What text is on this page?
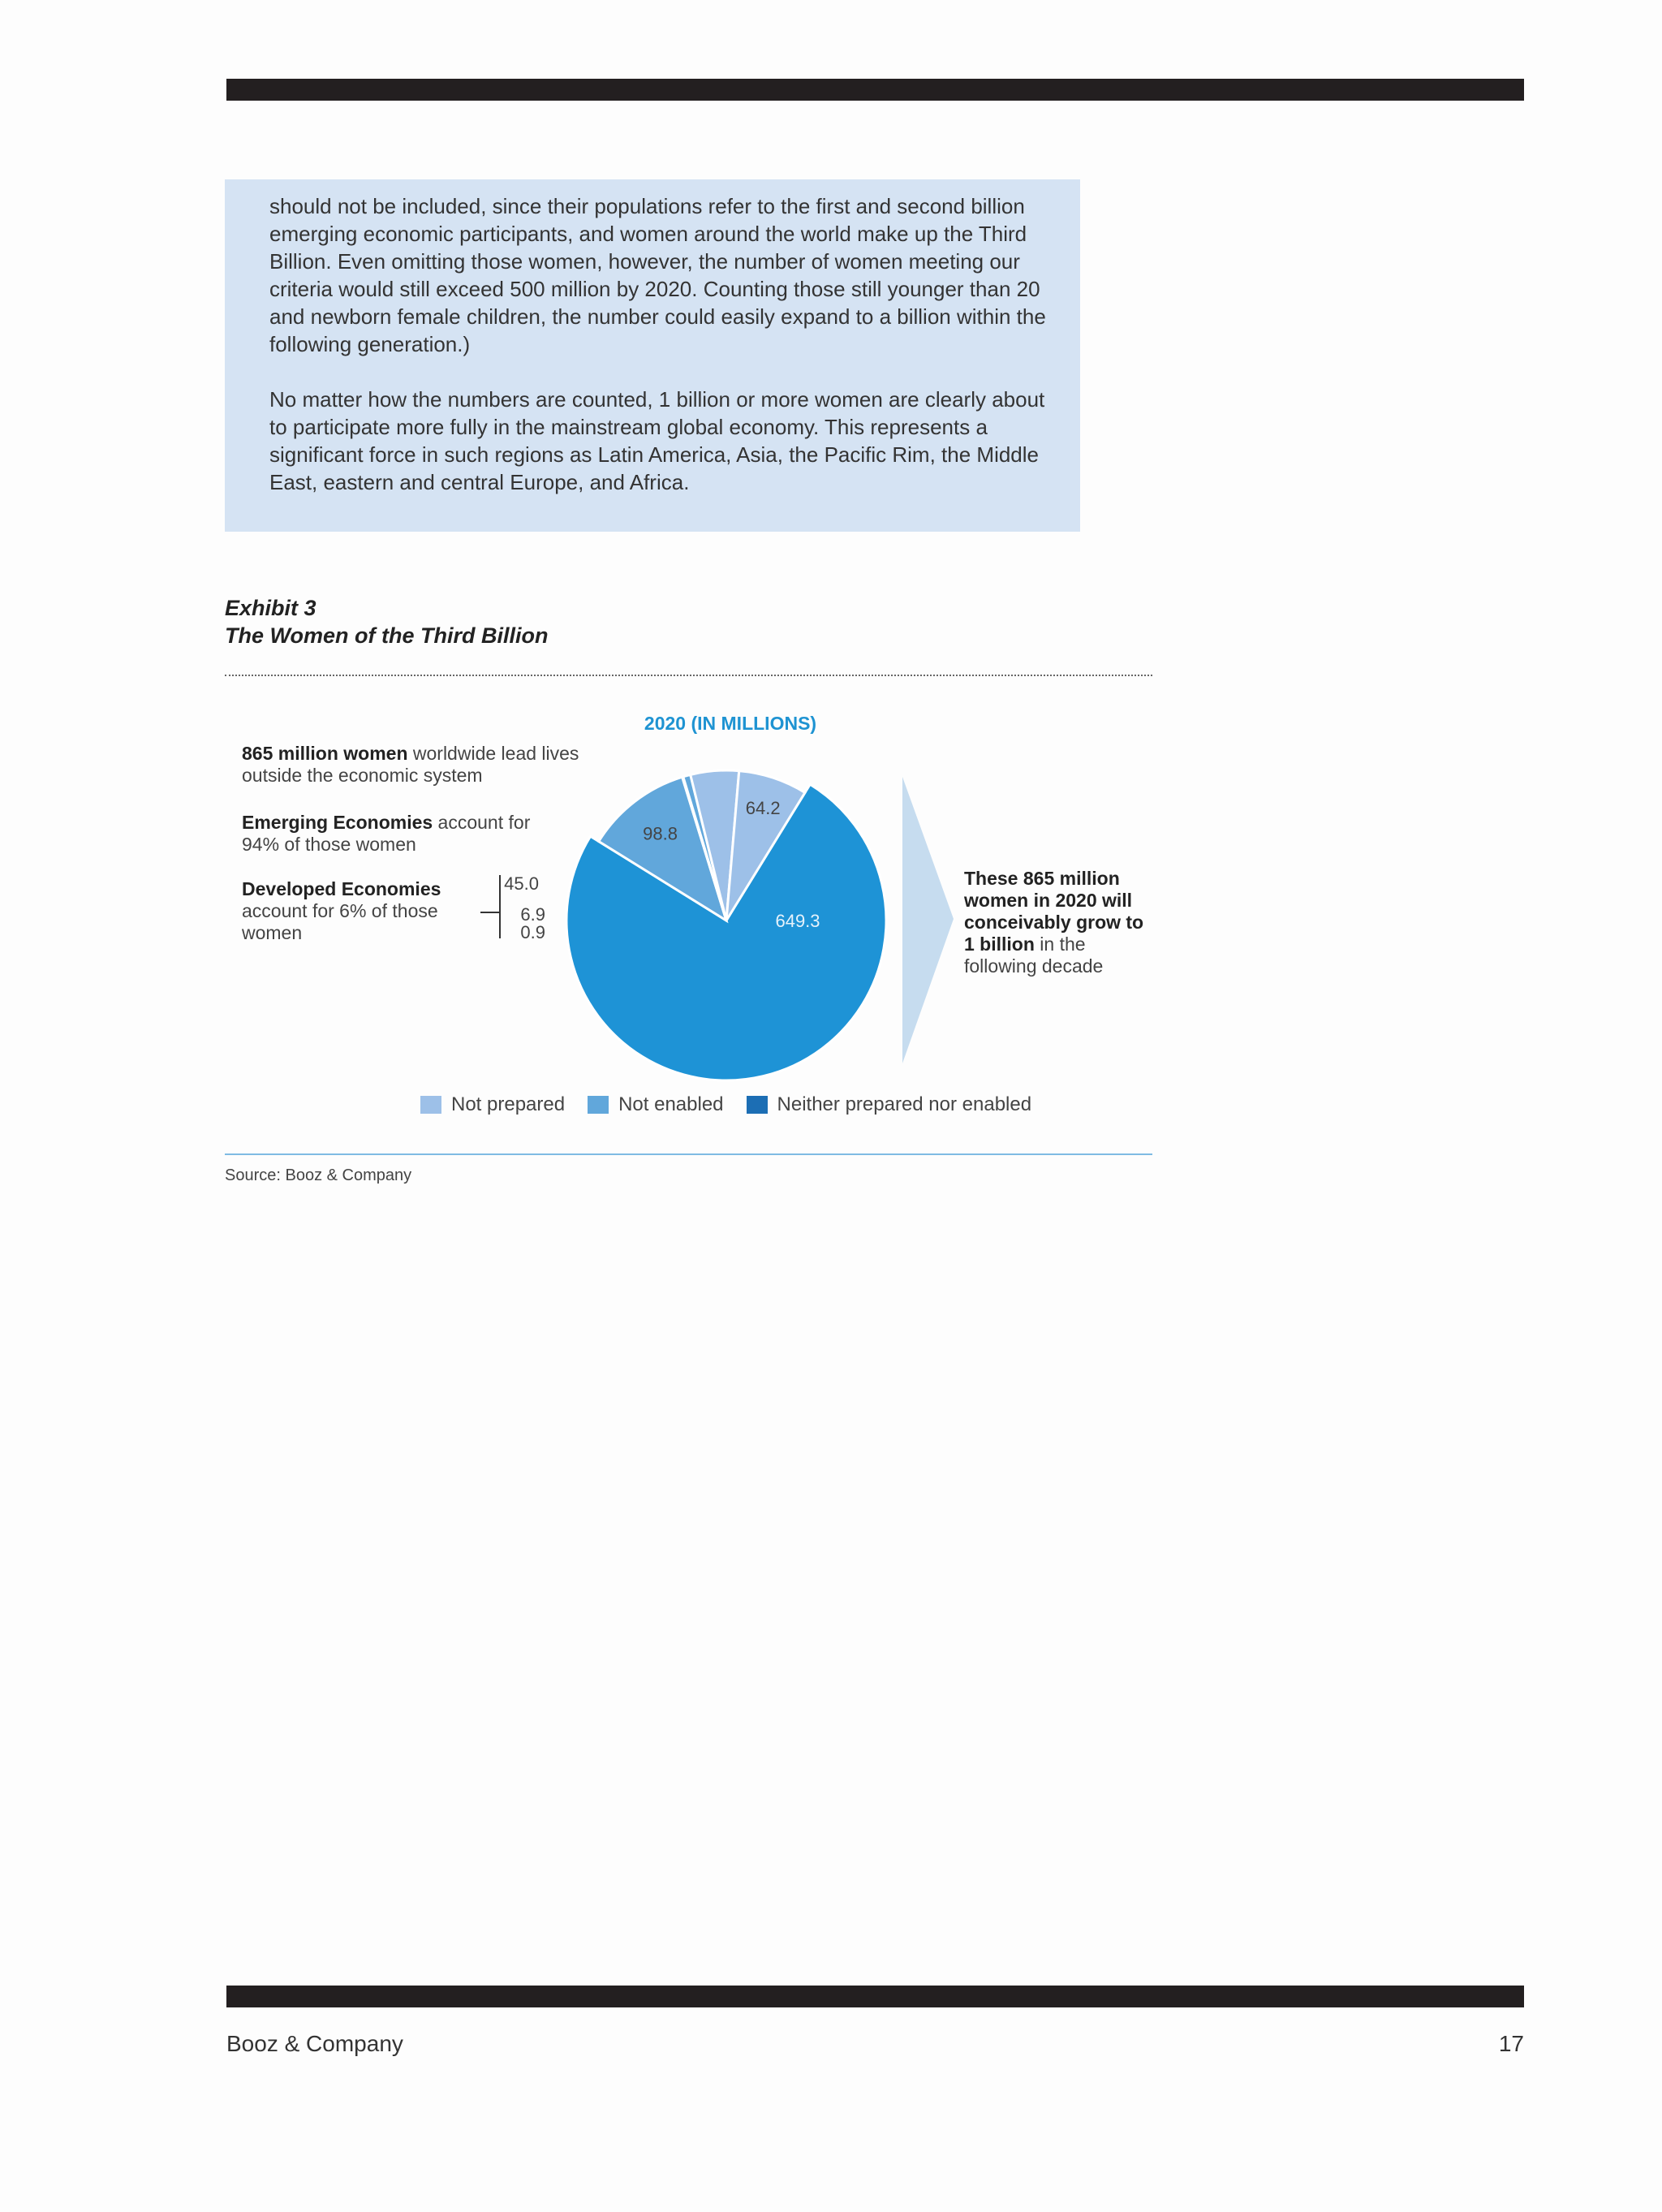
should not be included, since their populations refer to the first and second billion emerging economic participants, and women around the world make up the Third Billion. Even omitting those women, however, the number of women meeting our criteria would still exceed 500 million by 2020. Counting those still younger than 20 and newborn female children, the number could easily expand to a billion within the following generation.)

No matter how the numbers are counted, 1 billion or more women are clearly about to participate more fully in the mainstream global economy. This represents a significant force in such regions as Latin America, Asia, the Pacific Rim, the Middle East, eastern and central Europe, and Africa.

Exhibit 3
The Women of the Third Billion
2020 (IN MILLIONS)
865 million women worldwide lead lives outside the economic system
Emerging Economies account for 94% of those women
Developed Economies account for 6% of those women
649.3
98.8
0.9
6.9
45.0
64.2
These 865 million women in 2020 will conceivably grow to 1 billion in the following decade
Not prepared	Not enabled	Neither prepared nor enabled
Source: Booz & Company
Booz & Company	17
